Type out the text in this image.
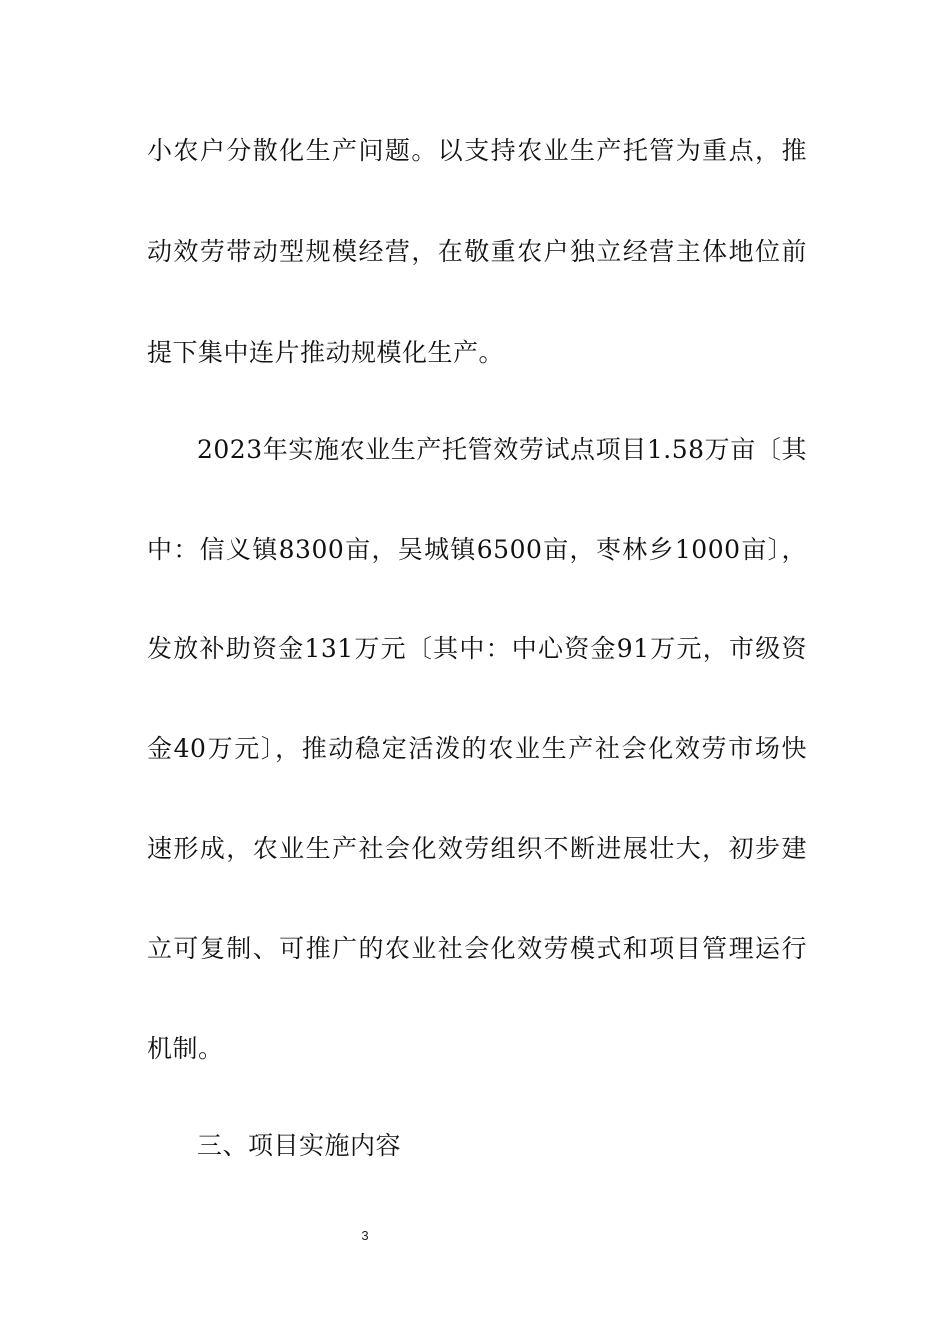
小农户分散化生产问题。以支持农业生产托管为重点，推
动效劳带动型规模经营，在敬重农户独立经营主体地位前
提下集中连片推动规模化生产。
2023年实施农业生产托管效劳试点项目1.58万亩〔其
中：信义镇8300亩，吴城镇6500亩，枣林乡1000亩〕，
发放补助资金131万元〔其中：中心资金91万元，市级资
金40万元〕，推动稳定活泼的农业生产社会化效劳市场快
速形成，农业生产社会化效劳组织不断进展壮大，初步建
立可复制、可推广的农业社会化效劳模式和项目管理运行
机制。
三、项目实施内容
3
